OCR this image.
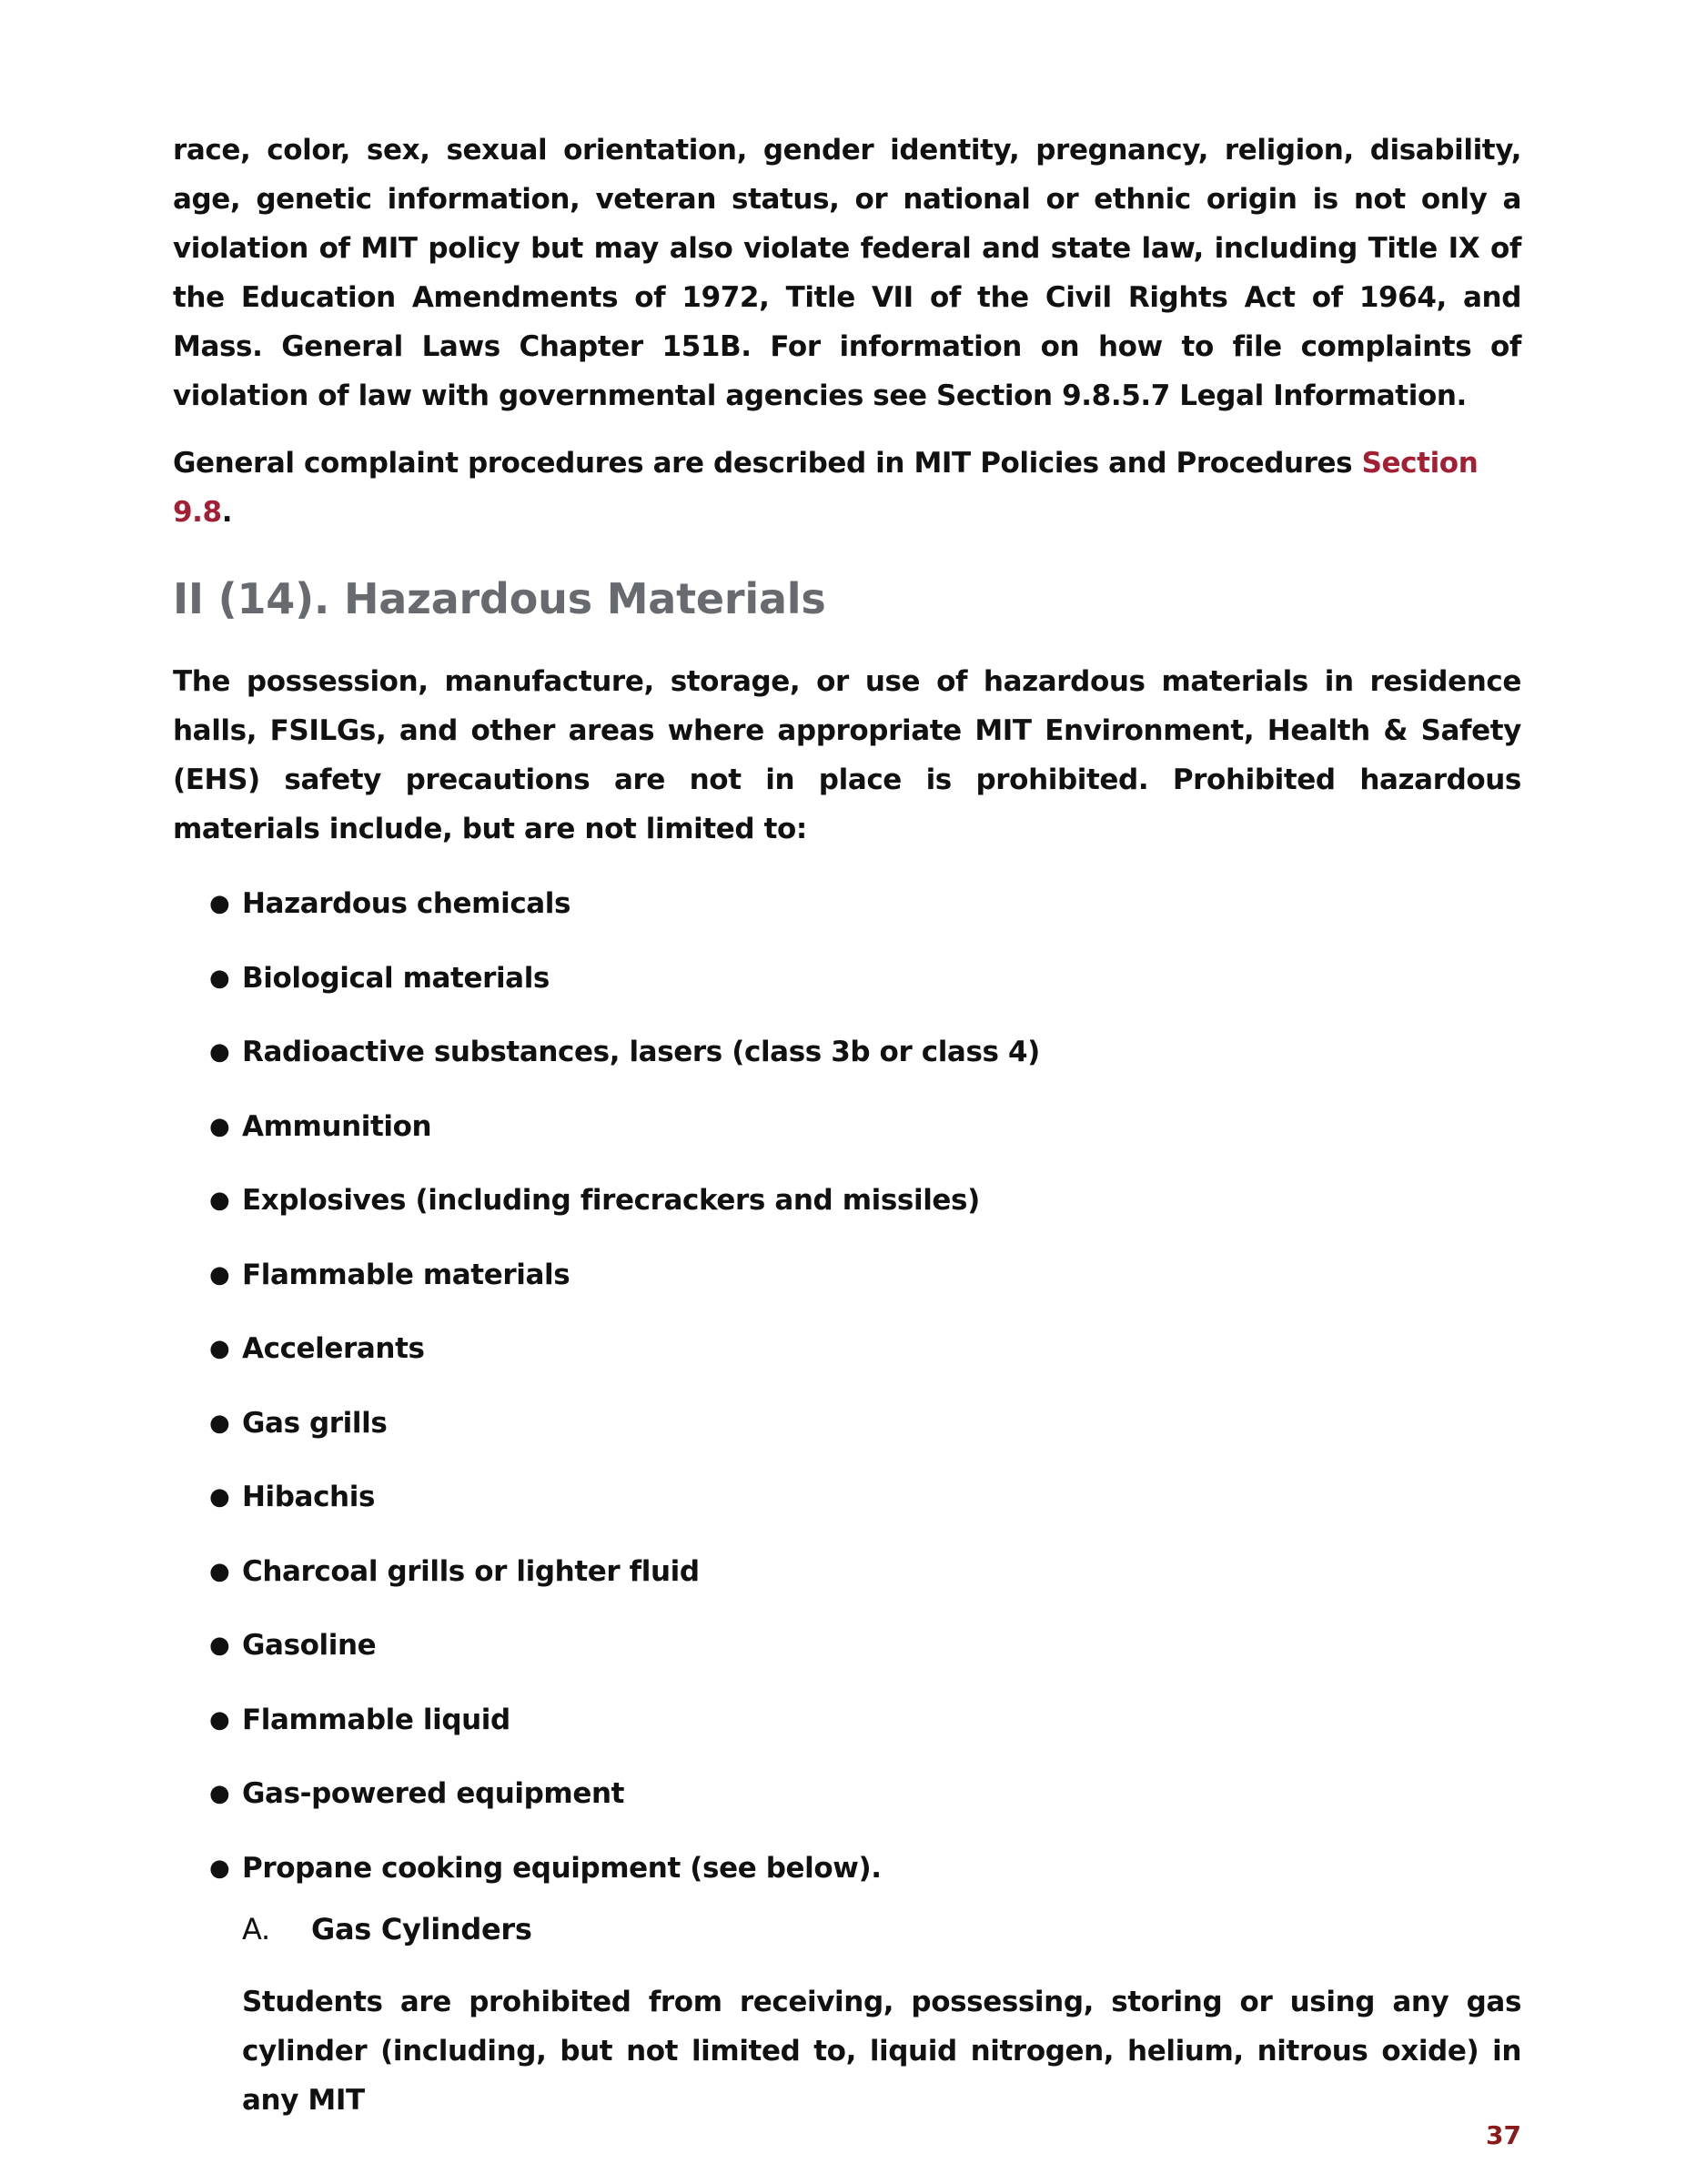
race, color, sex, sexual orientation, gender identity, pregnancy, religion, disability, age, genetic information, veteran status, or national or ethnic origin is not only a violation of MIT policy but may also violate federal and state law, including Title IX of the Education Amendments of 1972, Title VII of the Civil Rights Act of 1964, and Mass. General Laws Chapter 151B. For information on how to file complaints of violation of law with governmental agencies see Section 9.8.5.7 Legal Information.

General complaint procedures are described in MIT Policies and Procedures Section 9.8.

II (14). Hazardous Materials

The possession, manufacture, storage, or use of hazardous materials in residence halls, FSILGs, and other areas where appropriate MIT Environment, Health & Safety (EHS) safety precautions are not in place is prohibited. Prohibited hazardous materials include, but are not limited to:

● Hazardous chemicals
● Biological materials
● Radioactive substances, lasers (class 3b or class 4)
● Ammunition
● Explosives (including firecrackers and missiles)
● Flammable materials
● Accelerants
● Gas grills
● Hibachis
● Charcoal grills or lighter fluid
● Gasoline
● Flammable liquid
● Gas-powered equipment
● Propane cooking equipment (see below).
A.	Gas Cylinders

Students are prohibited from receiving, possessing, storing or using any gas cylinder (including, but not limited to, liquid nitrogen, helium, nitrous oxide) in any MIT

37
